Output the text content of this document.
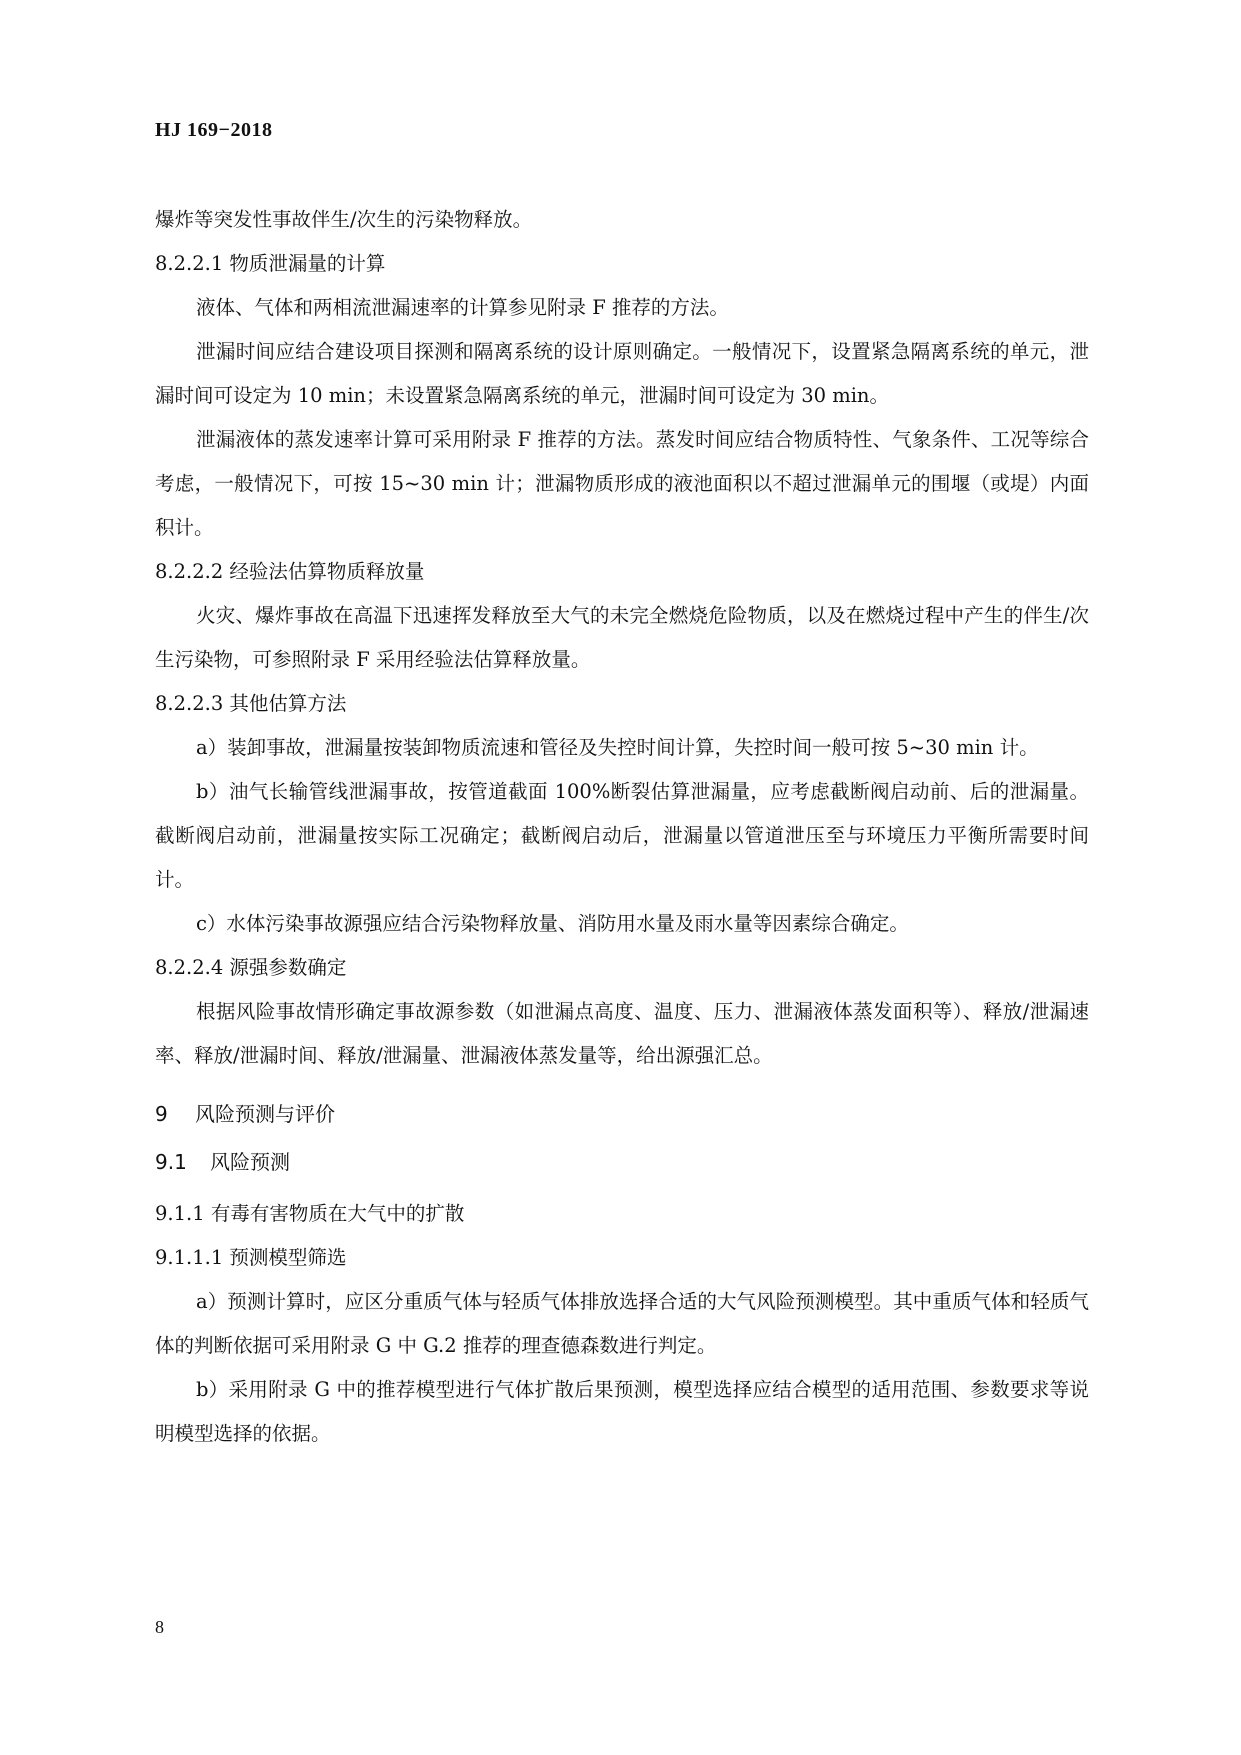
HJ 169−2018

爆炸等突发性事故伴生/次生的污染物释放。

8.2.2.1 物质泄漏量的计算

液体、气体和两相流泄漏速率的计算参见附录 F 推荐的方法。

泄漏时间应结合建设项目探测和隔离系统的设计原则确定。一般情况下，设置紧急隔离系统的单元，泄漏时间可设定为 10 min；未设置紧急隔离系统的单元，泄漏时间可设定为 30 min。

泄漏液体的蒸发速率计算可采用附录 F 推荐的方法。蒸发时间应结合物质特性、气象条件、工况等综合考虑，一般情况下，可按 15~30 min 计；泄漏物质形成的液池面积以不超过泄漏单元的围堰（或堤）内面积计。

8.2.2.2 经验法估算物质释放量

火灾、爆炸事故在高温下迅速挥发释放至大气的未完全燃烧危险物质，以及在燃烧过程中产生的伴生/次生污染物，可参照附录 F 采用经验法估算释放量。

8.2.2.3 其他估算方法

a）装卸事故，泄漏量按装卸物质流速和管径及失控时间计算，失控时间一般可按 5~30 min 计。

b）油气长输管线泄漏事故，按管道截面 100%断裂估算泄漏量，应考虑截断阀启动前、后的泄漏量。截断阀启动前，泄漏量按实际工况确定；截断阀启动后，泄漏量以管道泄压至与环境压力平衡所需要时间计。

c）水体污染事故源强应结合污染物释放量、消防用水量及雨水量等因素综合确定。

8.2.2.4 源强参数确定

根据风险事故情形确定事故源参数（如泄漏点高度、温度、压力、泄漏液体蒸发面积等）、释放/泄漏速率、释放/泄漏时间、释放/泄漏量、泄漏液体蒸发量等，给出源强汇总。

9 风险预测与评价

9.1 风险预测

9.1.1 有毒有害物质在大气中的扩散

9.1.1.1 预测模型筛选

a）预测计算时，应区分重质气体与轻质气体排放选择合适的大气风险预测模型。其中重质气体和轻质气体的判断依据可采用附录 G 中 G.2 推荐的理查德森数进行判定。

b）采用附录 G 中的推荐模型进行气体扩散后果预测，模型选择应结合模型的适用范围、参数要求等说明模型选择的依据。

8
